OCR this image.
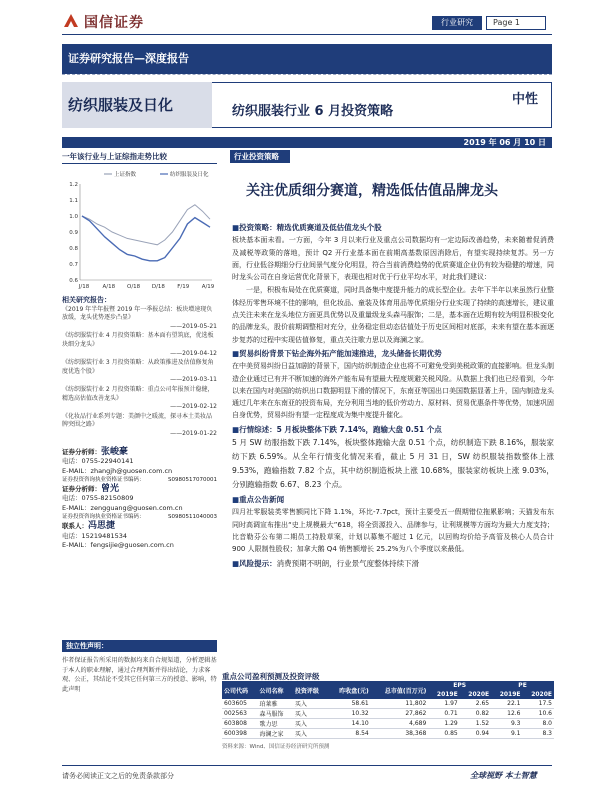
国信证券	行业研究	Page 1
证券研究报告—深度报告
纺织服装及日化	纺织服装行业 6 月投资策略
中性
2019 年 06 月 10 日
一年该行业与上证综指走势比较
0.6
0.7
0.8
0.9
1.0
1.1
1.2
J/18 A/18 O/18 D/18 F/19 A/19
上证指数	纺织服装及日化
行业投资策略
关注优质细分赛道，精选低估值品牌龙头
■ 投资策略：精选优质赛道及低估值龙头个股

板块基本面未看。一方面，今年 3 月以来行业及重点公司数据均有一定边际改善趋势，未来随着促消费及减税等政策的落地，预计 Q2 开行业基本面在前期高基数原因消除后，有望实现持续复苏。另一方面，行业低谷期细分行业间景气度分化明显，符合当前消费趋势的优质赛道企业仍有较为稳健的增速，同时龙头公司在自身运营优化背景下，表现也相对优于行业平均水平，对此我们建议：

一是，积极布局处在优质赛道，同时具备集中度提升能力的成长型企业。去年下半年以来虽然行业整体经历零售环境不佳的影响，但化妆品、童装及体育用品等优质细分行业实现了持续的高速增长，建议重点关注未来在龙头地位方面更具优势以及重量级龙头森马服饰；二是，基本面在近期有较为明显积极变化的品牌龙头，股价前期调整相对充分，业务稳定但动态估值处于历史区间相对底部，未来有望在基本面逐步复苏的过程中实现估值修复，重点关注歌力思以及海澜之家。

■ 贸易纠纷背景下钻企海外拓产能加速推进，龙头储备长期优势

在中美贸易纠纷日益加剧的背景下，国内纺织制造企业也将不可避免受到美税政策的直接影响。但龙头制造企业通过已有并不断加速的海外产能布局有望最大程度规避关税风险。从数据上我们也已经看到，今年以来在国内对美国的纺织出口数据明显下滑的情况下，东南亚等国出口美国数据显著上升，国内制造龙头通过几年来在东南亚的投资布局，充分利用当地的低价劳动力、原材料、贸易优惠条件等优势，加速巩固自身优势，贸易纠纷有望一定程度成为集中度提升催化。

■ 行情综述：5 月板块整体下跌 7.14%，跑输大盘 0.51 个点

5 月 SW 纺服指数下跌 7.14%，板块整体跑输大盘 0.51 个点，纺织制造下跌 8.16%，服装家纺下跌 6.59%。从全年行情变化情况来看，截止 5 月 31 日，SW 纺织服装指数整体上涨 9.53%，跑输指数 7.82 个点，其中纺织制造板块上涨 10.68%，服装家纺板块上涨 9.03%，分别跑输指数 6.67、8.23 个点。

■ 重点公告新闻

四月社零服装类零售额同比下降 1.1%，环比-7.7pct，预计主要受五一假期错位拖累影响；天猫发布东同时高调宣布推出“史上规模最大”618，将全资源投入、品牌参与，让利规模等方面均为最大力度支持；比音勒芬公布第二期员工持股草案，计划以募集不超过 1 亿元，以回购均价给予高管及核心人员合计 900 人限制性股权；加拿大鹅 Q4 销售额增长 25.2%为八个季度以来最低。

■ 风险提示：消费预期不明朗，行业景气度整体持续下滑
相关研究报告：
《2019 年半年报暨 2019 年一季报总结：板块增速现负放缓，龙头优势逐步凸显》
——2019-05-21
《纺织服装行业 4 月投资策略：基本面有望筑底，优选板块细分龙头》
——2019-04-12
《纺织服装行业 3 月投资策略：从政策推进及估值修复角度优选个股》
——2019-03-11
《纺织服装行业 2 月投资策略：重点公司年报预计稳健，精选高估值改善龙头》
——2019-02-12
《化妆品行业系列专题：美颜中之暖流，探寻本土美妆品牌突围之路》
——2019-01-22
证券分析师：张峻豪
电话： 0755-22940141
E-MAIL： zhangjh@guosen.com.cn
证券投资咨询执业资格证书编码：	S0980517070001
证券分析师：曾光
电话： 0755-82150809
E-MAIL： zengguang@guosen.com.cn
证券投资咨询执业资格证书编码：	S0980511040003
联系人：冯思捷
电话： 15219481534
E-MAIL： fengsijie@guosen.com.cn
独立性声明：
作者保证报告所采用的数据均来自合规渠道，分析逻辑基于本人的职业理解，通过合理判断并得出结论，力求客观、公正，其结论不受其它任何第三方的授意、影响，特此声明
重点公司盈利预测及投资评级
公司代码	公司名称	投资评级	昨收盘(元)	总市值(百万元)	EPS		PE	
					2019E	2020E	2019E	2020E
603605	珀莱雅	买入	58.61	11,802	1.97	2.65	22.1	17.5
002563	森马服饰	买入	10.32	27,862	0.71	0.82	12.6	10.6
603808	歌力思	买入	14.10	4,689	1.29	1.52	9.3	8.0
600398	海澜之家	买入	8.54	38,368	0.85	0.94	9.1	8.3
资料来源：Wind、国信证券经济研究所预测
请务必阅读正文之后的免责条款部分	全球视野 本土智慧
